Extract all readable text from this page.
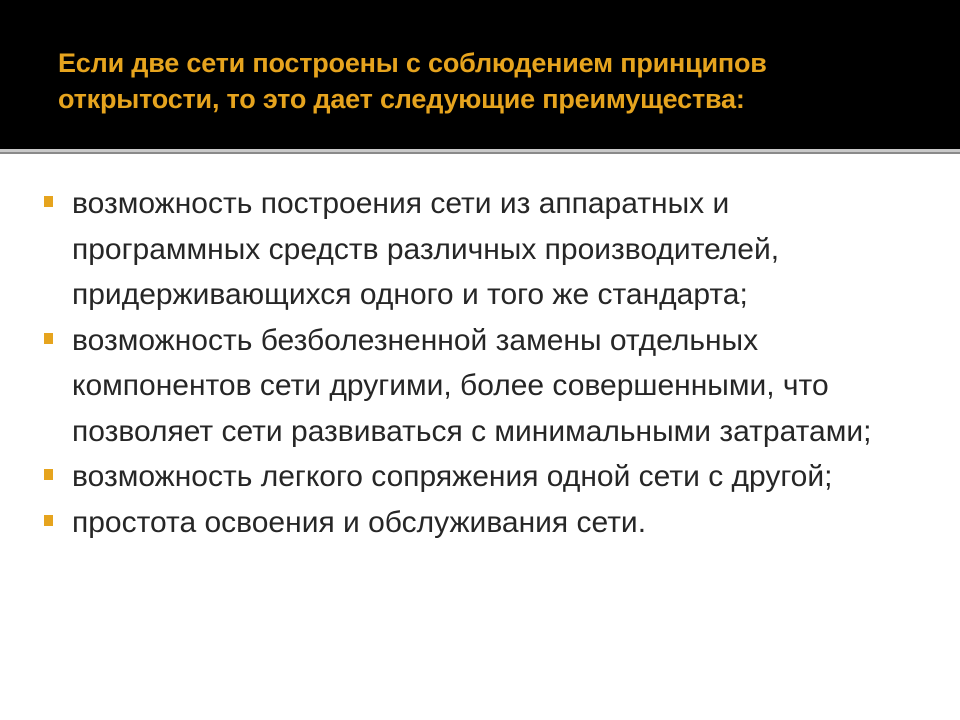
Если две сети построены с соблюдением принципов открытости, то это дает следующие преимущества:
возможность построения сети из аппаратных и программных средств различных производителей, придерживающихся одного и того же стандарта;
возможность безболезненной замены отдельных компонентов сети другими, более совершенными, что позволяет сети развиваться с минимальными затратами;
возможность легкого сопряжения одной сети с другой;
простота освоения и обслуживания сети.
